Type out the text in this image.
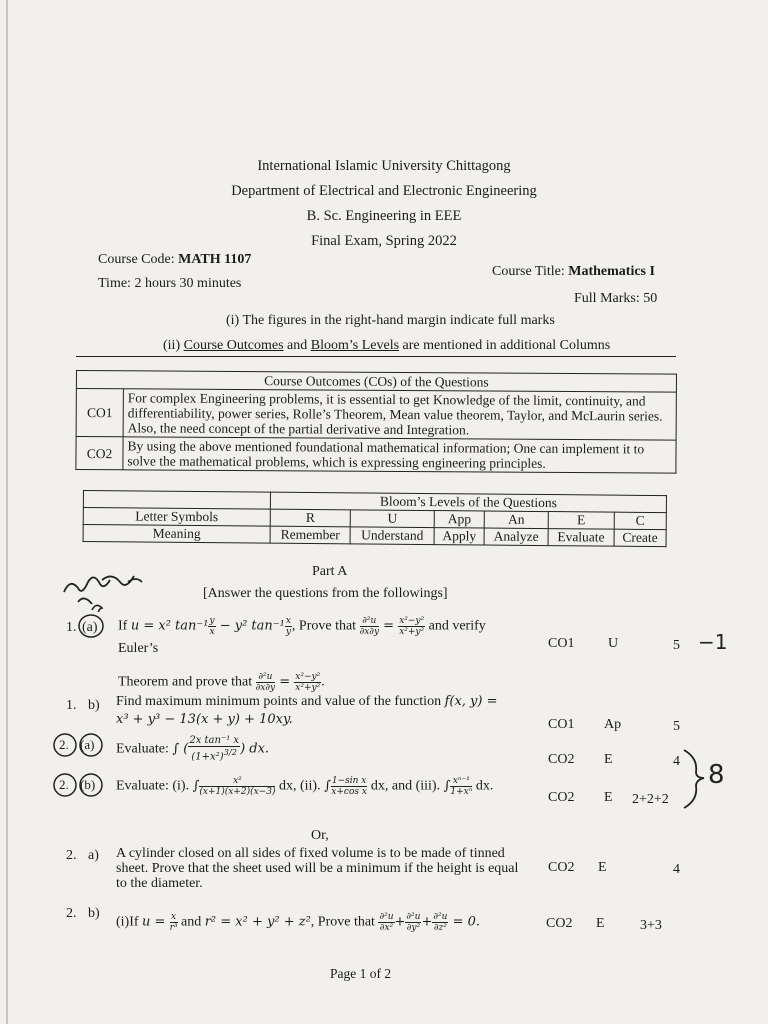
International Islamic University Chittagong
Department of Electrical and Electronic Engineering
B. Sc. Engineering in EEE
Final Exam, Spring 2022
Course Code: MATH 1107
Course Title: Mathematics I
Time: 2 hours 30 minutes
Full Marks: 50
(i) The figures in the right-hand margin indicate full marks
(ii) Course Outcomes and Bloom’s Levels are mentioned in additional Columns
Course Outcomes (COs) of the Questions	
CO1	For complex Engineering problems, it is essential to get Knowledge of the limit, continuity, and differentiability, power series, Rolle’s Theorem, Mean value theorem, Taylor, and McLaurin series. Also, the need concept of the partial derivative and Integration.
CO2	By using the above mentioned foundational mathematical information; One can implement it to solve the mathematical problems, which is expressing engineering principles.
	Bloom’s Levels of the Questions					
Letter Symbols	R	U	App	An	E	C
Meaning	Remember	Understand	Apply	Analyze	Evaluate	Create
Part A
[Answer the questions from the followings]
1. (a) If u = x² $\tan^{-1} \frac{y}{x} - y^2$ $\tan^{-1} \frac{x}{y}$ , Prove that $\frac{\text{∂²u}}{\partial x\partial y} = \frac{\text{x²−y²}}{\text{x²+y²}}$ and verify
Euler’s	CO1 U	5 −1
Theorem and prove that $\frac{\text{∂²u}}{\partial x\partial y} = \frac{\text{x²−y²}}{\text{x²+y²}}$ .
1. b) Find maximum minimum points and value of the function f(x, y) =
x³ + y³ − 13(x + y) + 10xy.	CO1 Ap	5
2. (a) Evaluate: ∫ ( $\frac{\text{2x tan⁻¹ x}}{(1+x^2)^{3/2}}$ ) dx.
CO2 E	4
2. (b) Evaluate: (i). ∫ $\frac{\text{x²}}{(x+1)(x+2)(x-3)}$ dx, (ii). ∫ $\frac{\text{1−sin x}}{\text{x+cos x}}$ dx, and (iii). ∫ $\frac{\text{xⁿ⁻¹}}{\text{1+xⁿ}}$ dx.
CO2 E 2+2+2
8
Or,
2. a) A cylinder closed on all sides of fixed volume is to be made of tinned
sheet. Prove that the sheet used will be a minimum if the height is equal
to the diameter.
CO2 E	4
2. b)
(i)If $u = \frac{x}{\text{r³}}$ and r² = x² + y² + z², Prove that $\frac{\text{∂²u}}{\text{∂x²}} + \frac{\text{∂²u}}{\text{∂y²}} + \frac{\text{∂²u}}{\text{∂z²}} = 0$.	CO2 E	3+3
Page 1 of 2
